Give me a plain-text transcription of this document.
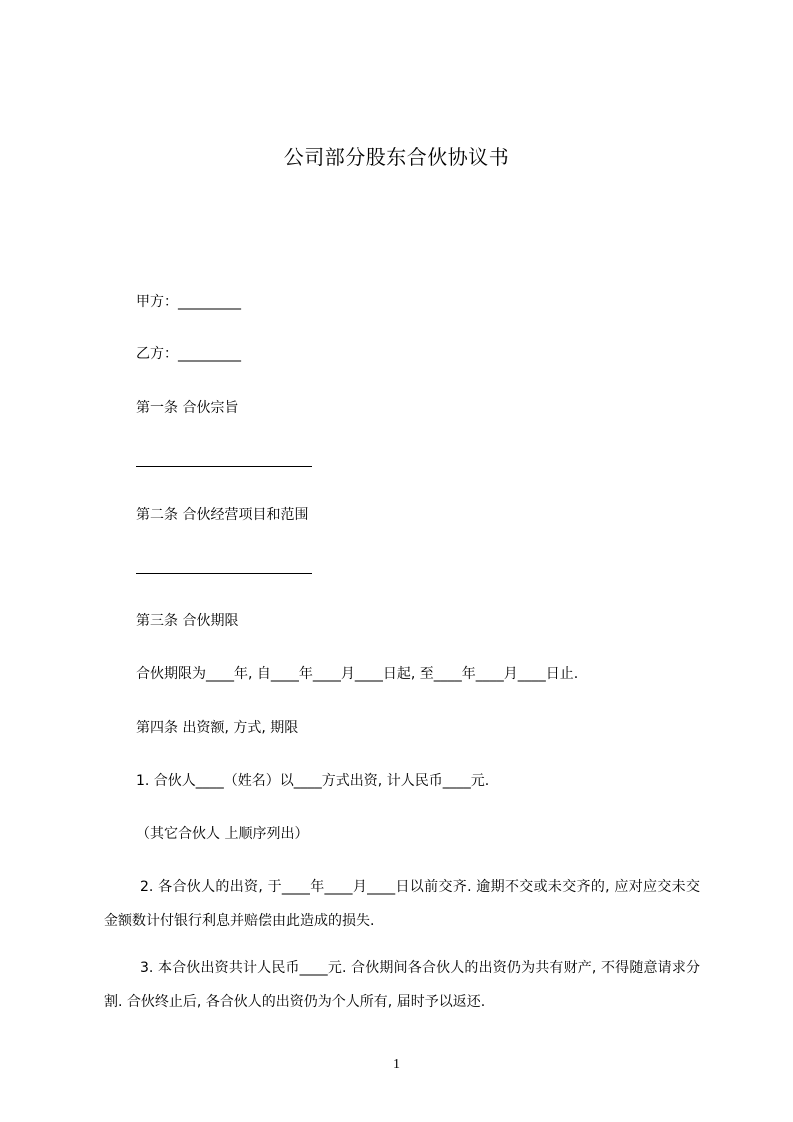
公司部分股东合伙协议书
甲方：_________
乙方：_________
第一条 合伙宗旨
第二条 合伙经营项目和范围
第三条 合伙期限
合伙期限为____年, 自____年____月____日起, 至____年____月____日止.
第四条 出资额, 方式, 期限
1. 合伙人____（姓名）以____方式出资, 计人民币____元.
（其它合伙人 上顺序列出）
2. 各合伙人的出资, 于____年____月____日以前交齐. 逾期不交或未交齐的, 应对应交未交金额数计付银行利息并赔偿由此造成的损失.
3. 本合伙出资共计人民币____元. 合伙期间各合伙人的出资仍为共有财产, 不得随意请求分割. 合伙终止后, 各合伙人的出资仍为个人所有, 届时予以返还.
1
